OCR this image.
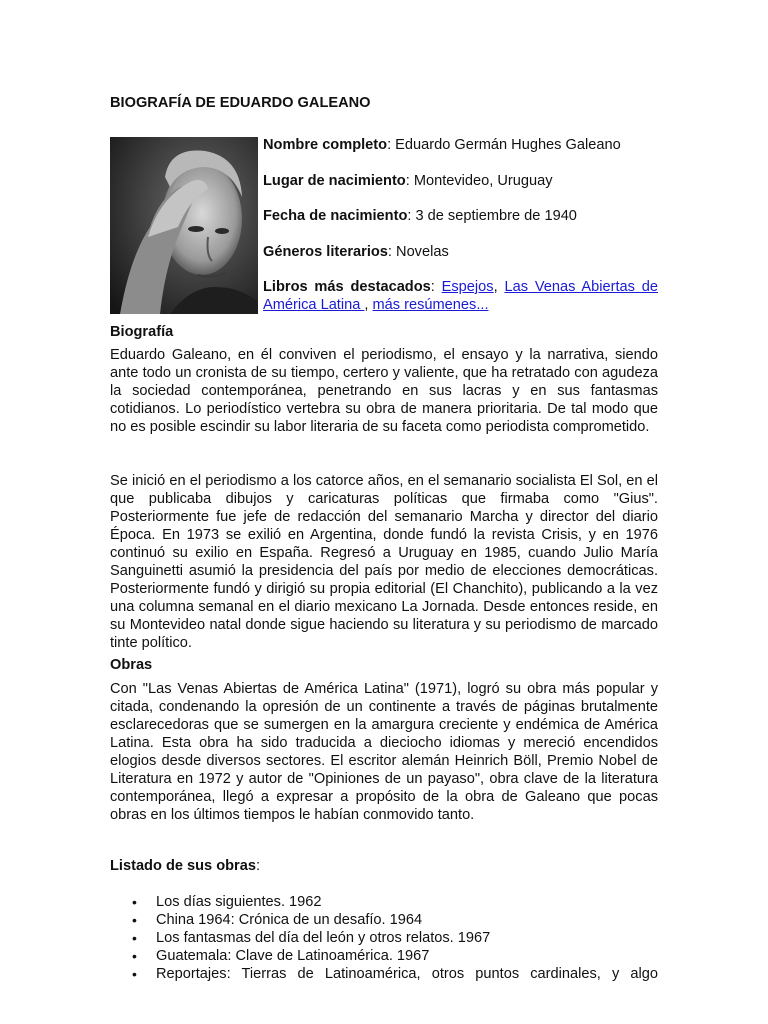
BIOGRAFÍA DE EDUARDO GALEANO

Nombre completo: Eduardo Germán Hughes Galeano

Lugar de nacimiento: Montevideo, Uruguay

Fecha de nacimiento: 3 de septiembre de 1940

Géneros literarios: Novelas

Libros más destacados: Espejos, Las Venas Abiertas de América Latina , más resúmenes...

Biografía

Eduardo Galeano, en él conviven el periodismo, el ensayo y la narrativa, siendo ante todo un cronista de su tiempo, certero y valiente, que ha retratado con agudeza la sociedad contemporánea, penetrando en sus lacras y en sus fantasmas cotidianos. Lo periodístico vertebra su obra de manera prioritaria. De tal modo que no es posible escindir su labor literaria de su faceta como periodista comprometido.

Se inició en el periodismo a los catorce años, en el semanario socialista El Sol, en el que publicaba dibujos y caricaturas políticas que firmaba como "Gius". Posteriormente fue jefe de redacción del semanario Marcha y director del diario Época. En 1973 se exilió en Argentina, donde fundó la revista Crisis, y en 1976 continuó su exilio en España. Regresó a Uruguay en 1985, cuando Julio María Sanguinetti asumió la presidencia del país por medio de elecciones democráticas. Posteriormente fundó y dirigió su propia editorial (El Chanchito), publicando a la vez una columna semanal en el diario mexicano La Jornada. Desde entonces reside, en su Montevideo natal donde sigue haciendo su literatura y su periodismo de marcado tinte político.

Obras

Con "Las Venas Abiertas de América Latina" (1971), logró su obra más popular y citada, condenando la opresión de un continente a través de páginas brutalmente esclarecedoras que se sumergen en la amargura creciente y endémica de América Latina. Esta obra ha sido traducida a dieciocho idiomas y mereció encendidos elogios desde diversos sectores. El escritor alemán Heinrich Böll, Premio Nobel de Literatura en 1972 y autor de "Opiniones de un payaso", obra clave de la literatura contemporánea, llegó a expresar a propósito de la obra de Galeano que pocas obras en los últimos tiempos le habían conmovido tanto.

Listado de sus obras:

• Los días siguientes. 1962
• China 1964: Crónica de un desafío. 1964
• Los fantasmas del día del león y otros relatos. 1967
• Guatemala: Clave de Latinoamérica. 1967
• Reportajes: Tierras de Latinoamérica, otros puntos cardinales, y algo
